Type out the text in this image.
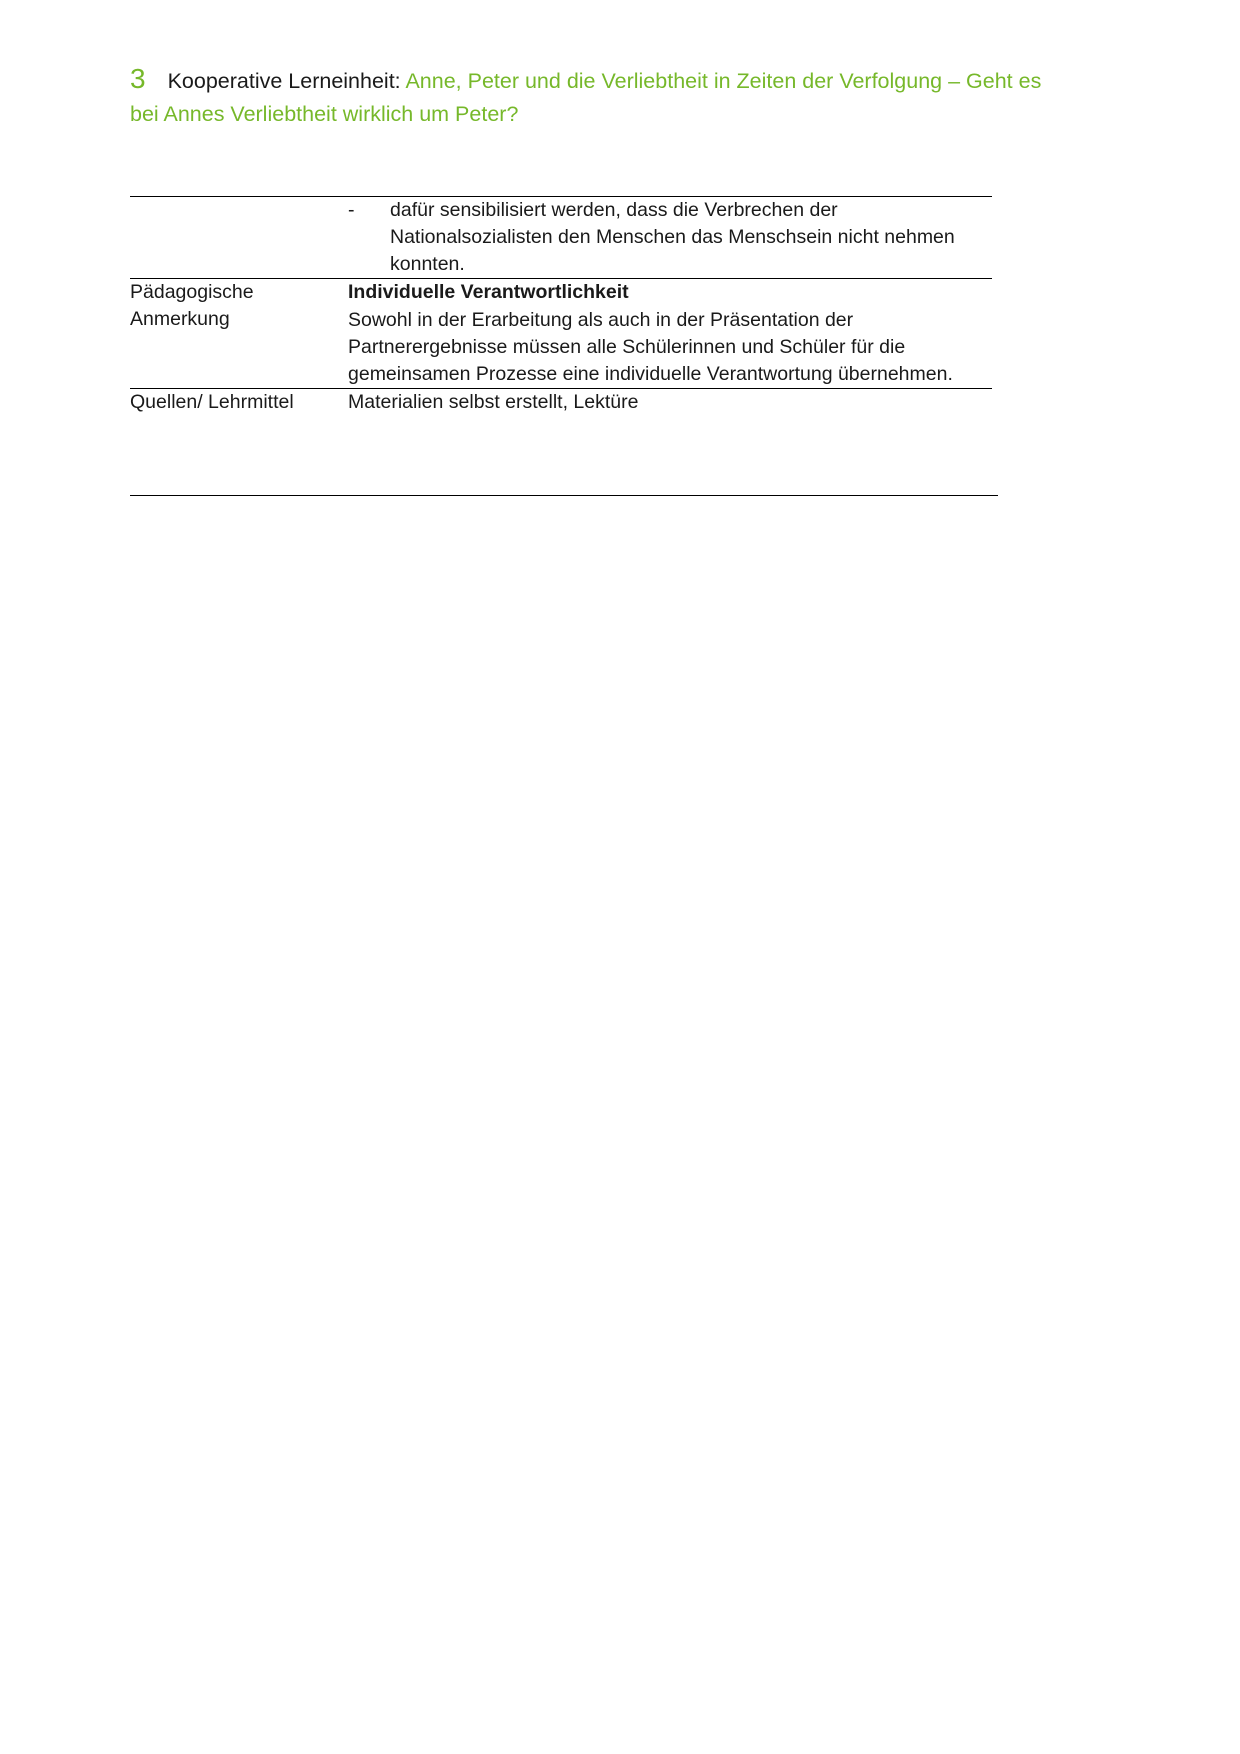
3 Kooperative Lerneinheit: Anne, Peter und die Verliebtheit in Zeiten der Verfolgung – Geht es bei Annes Verliebtheit wirklich um Peter?

	- dafür sensibilisiert werden, dass die Verbrechen der Nationalsozialisten den Menschen das Menschsein nicht nehmen konnten.

Pädagogische Anmerkung	Individuelle Verantwortlichkeit
Sowohl in der Erarbeitung als auch in der Präsentation der Partnerergebnisse müssen alle Schülerinnen und Schüler für die gemeinsamen Prozesse eine individuelle Verantwortung übernehmen.

Quellen/ Lehrmittel	Materialien selbst erstellt, Lektüre
